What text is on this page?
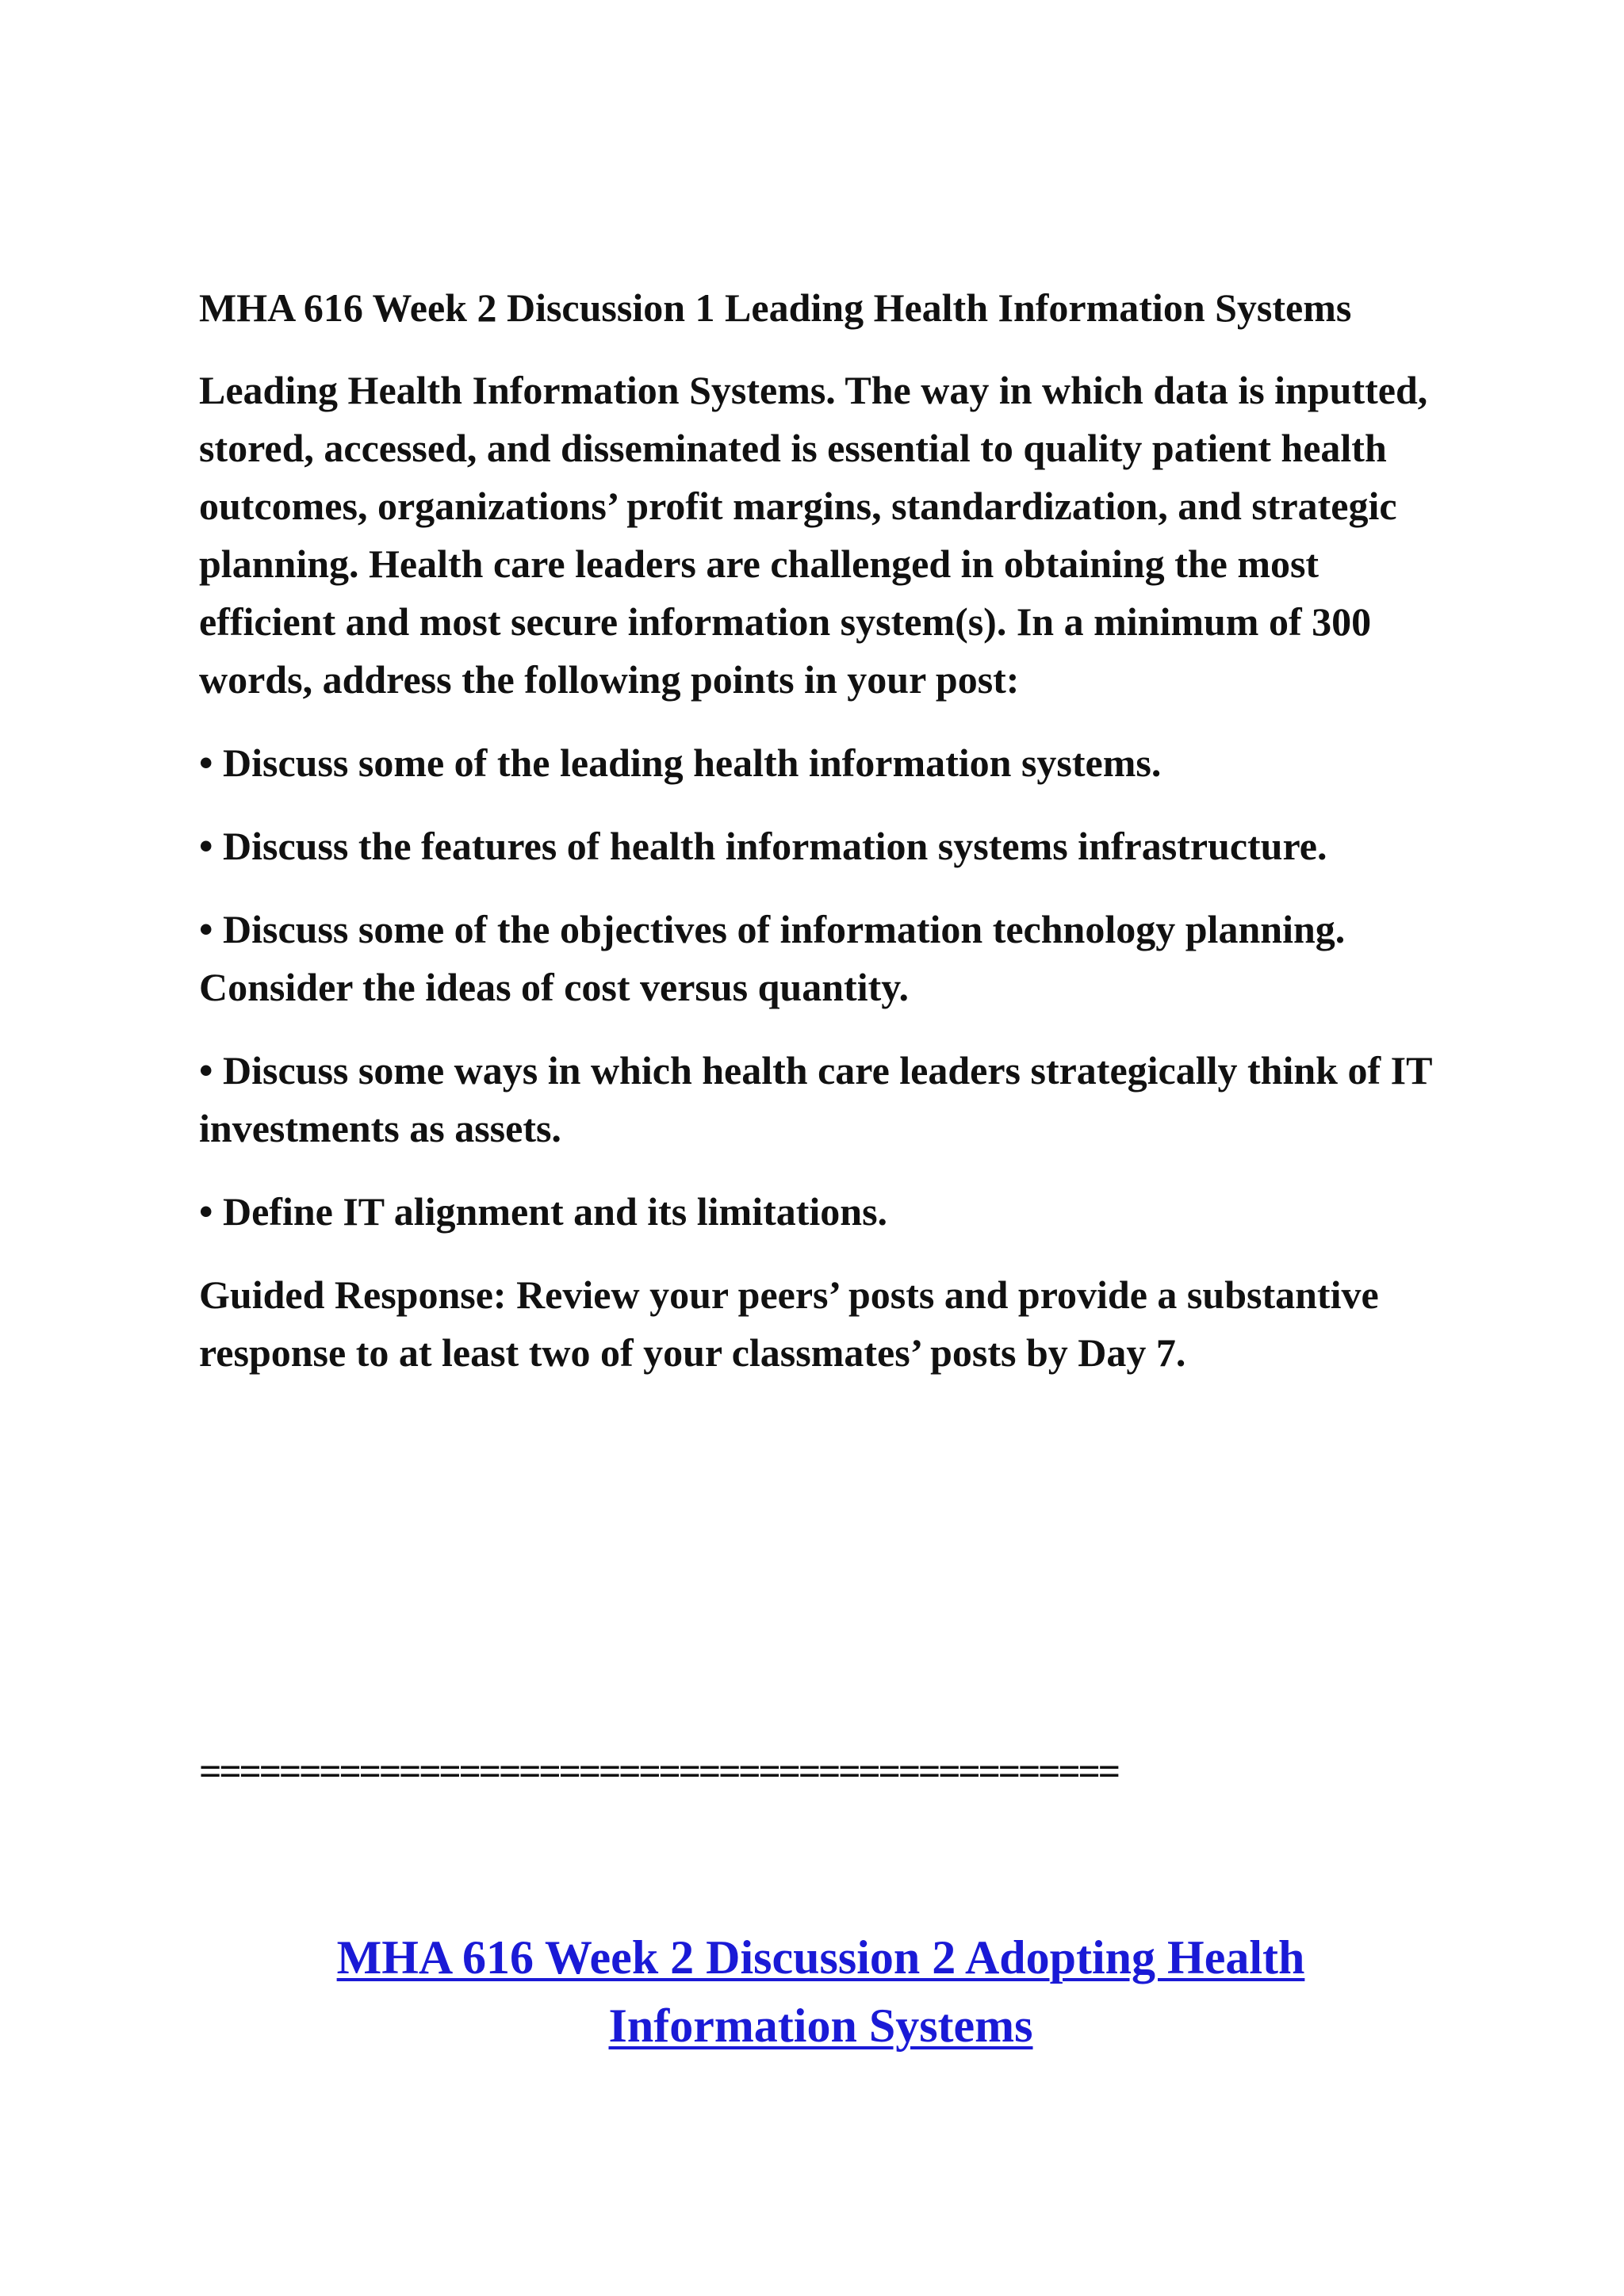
MHA 616 Week 2 Discussion 1 Leading Health Information Systems

Leading Health Information Systems. The way in which data is inputted, stored, accessed, and disseminated is essential to quality patient health outcomes, organizations’ profit margins, standardization, and strategic planning. Health care leaders are challenged in obtaining the most efficient and most secure information system(s). In a minimum of 300 words, address the following points in your post:

• Discuss some of the leading health information systems.

• Discuss the features of health information systems infrastructure.

• Discuss some of the objectives of information technology planning. Consider the ideas of cost versus quantity.

• Discuss some ways in which health care leaders strategically think of IT investments as assets.

• Define IT alignment and its limitations.

Guided Response: Review your peers’ posts and provide a substantive response to at least two of your classmates’ posts by Day 7.

==============================================
MHA 616 Week 2 Discussion 2 Adopting Health Information Systems
